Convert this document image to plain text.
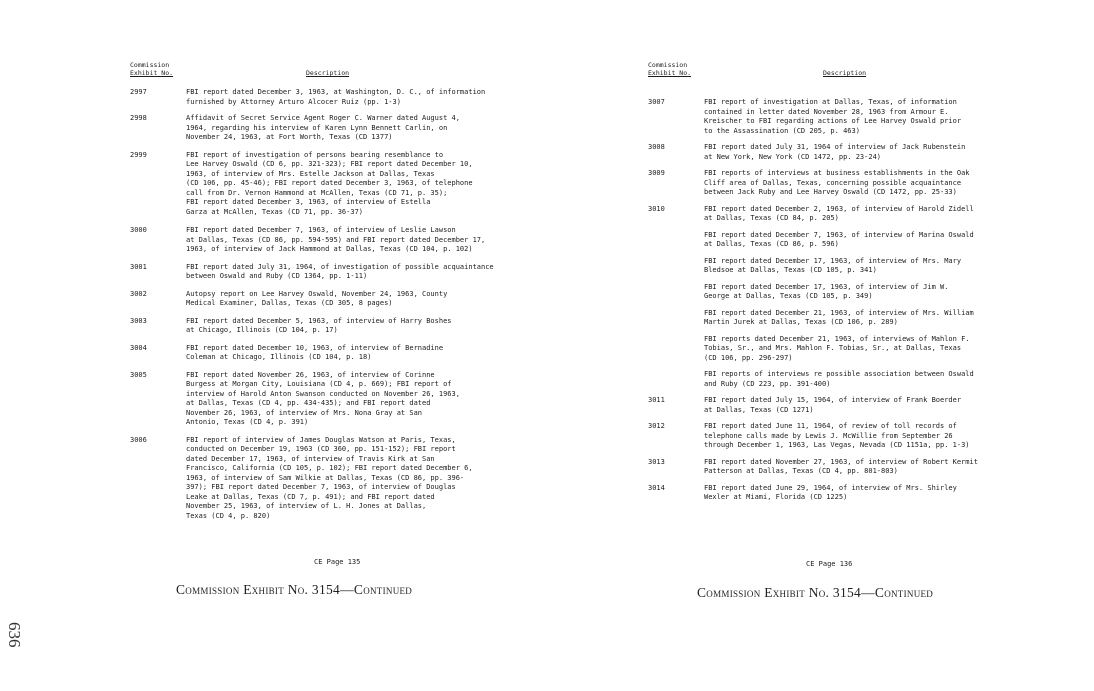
Commission
Exhibit No.	Description
2997	FBI report dated December 3, 1963, at Washington, D. C., of information
furnished by Attorney Arturo Alcocer Ruiz (pp. 1-3)
2998	Affidavit of Secret Service Agent Roger C. Warner dated August 4,
1964, regarding his interview of Karen Lynn Bennett Carlin, on
November 24, 1963, at Fort Worth, Texas (CD 1377)
2999	FBI report of investigation of persons bearing resemblance to
Lee Harvey Oswald (CD 6, pp. 321-323); FBI report dated December 10,
1963, of interview of Mrs. Estelle Jackson at Dallas, Texas
(CD 106, pp. 45-46); FBI report dated December 3, 1963, of telephone
call from Dr. Vernon Hammond at McAllen, Texas (CD 71, p. 35);
FBI report dated December 3, 1963, of interview of Estella
Garza at McAllen, Texas (CD 71, pp. 36-37)
3000	FBI report dated December 7, 1963, of interview of Leslie Lawson
at Dallas, Texas (CD 86, pp. 594-595) and FBI report dated December 17,
1963, of interview of Jack Hammond at Dallas, Texas (CD 104, p. 102)
3001	FBI report dated July 31, 1964, of investigation of possible acquaintance
between Oswald and Ruby (CD 1364, pp. 1-11)
3002	Autopsy report on Lee Harvey Oswald, November 24, 1963, County
Medical Examiner, Dallas, Texas (CD 305, 8 pages)
3003	FBI report dated December 5, 1963, of interview of Harry Boshes
at Chicago, Illinois (CD 104, p. 17)
3004	FBI report dated December 10, 1963, of interview of Bernadine
Coleman at Chicago, Illinois (CD 104, p. 18)
3005	FBI report dated November 26, 1963, of interview of Corinne
Burgess at Morgan City, Louisiana (CD 4, p. 669); FBI report of
interview of Harold Anton Swanson conducted on November 26, 1963,
at Dallas, Texas (CD 4, pp. 434-435); and FBI report dated
November 26, 1963, of interview of Mrs. Nona Gray at San
Antonio, Texas (CD 4, p. 391)
3006	FBI report of interview of James Douglas Watson at Paris, Texas,
conducted on December 19, 1963 (CD 360, pp. 151-152); FBI report
dated December 17, 1963, of interview of Travis Kirk at San
Francisco, California (CD 105, p. 102); FBI report dated December 6,
1963, of interview of Sam Wilkie at Dallas, Texas (CD 86, pp. 396-
397); FBI report dated December 7, 1963, of interview of Douglas
Leake at Dallas, Texas (CD 7, p. 491); and FBI report dated
November 25, 1963, of interview of L. H. Jones at Dallas,
Texas (CD 4, p. 820)
CE Page 135
Commission Exhibit No. 3154—Continued
Commission
Exhibit No.	Description
3007	FBI report of investigation at Dallas, Texas, of information
contained in letter dated November 28, 1963 from Armour E.
Kreischer to FBI regarding actions of Lee Harvey Oswald prior
to the Assassination (CD 205, p. 463)
3008	FBI report dated July 31, 1964 of interview of Jack Rubenstein
at New York, New York (CD 1472, pp. 23-24)
3009	FBI reports of interviews at business establishments in the Oak
Cliff area of Dallas, Texas, concerning possible acquaintance
between Jack Ruby and Lee Harvey Oswald (CD 1472, pp. 25-33)
3010	FBI report dated December 2, 1963, of interview of Harold Zidell
at Dallas, Texas (CD 84, p. 205)
FBI report dated December 7, 1963, of interview of Marina Oswald
at Dallas, Texas (CD 86, p. 596)
FBI report dated December 17, 1963, of interview of Mrs. Mary
Bledsoe at Dallas, Texas (CD 105, p. 341)
FBI report dated December 17, 1963, of interview of Jim W.
George at Dallas, Texas (CD 105, p. 349)
FBI report dated December 21, 1963, of interview of Mrs. William
Martin Jurek at Dallas, Texas (CD 106, p. 289)
FBI reports dated December 21, 1963, of interviews of Mahlon F.
Tobias, Sr., and Mrs. Mahlon F. Tobias, Sr., at Dallas, Texas
(CD 106, pp. 296-297)
FBI reports of interviews re possible association between Oswald
and Ruby (CD 223, pp. 391-400)
3011	FBI report dated July 15, 1964, of interview of Frank Boerder
at Dallas, Texas (CD 1271)
3012	FBI report dated June 11, 1964, of review of toll records of
telephone calls made by Lewis J. McWillie from September 26
through December 1, 1963, Las Vegas, Nevada (CD 1151a, pp. 1-3)
3013	FBI report dated November 27, 1963, of interview of Robert Kermit
Patterson at Dallas, Texas (CD 4, pp. 801-803)
3014	FBI report dated June 29, 1964, of interview of Mrs. Shirley
Wexler at Miami, Florida (CD 1225)
CE Page 136
Commission Exhibit No. 3154—Continued
636
